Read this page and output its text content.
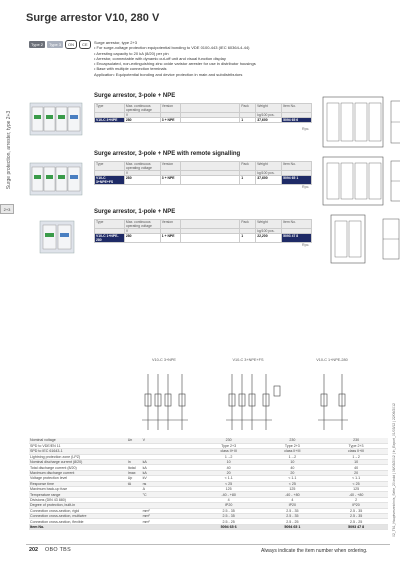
Surge arrestor V10, 280 V
Surge protection, arrester, type 2+3
2+3
Type 2	Type 3	ON	CE	Surge arrestor, type 2+3
• For surge-voltage protection equipotential bonding to VDE 0100-443 (IEC 60364-4-44)
• Arresting capacity to 20 kA (8/20) per pin
• Arrestor, connectable with dynamic cut-off unit and visual function display
• Encapsulated, non-extinguishing zinc oxide varistor arrester for use in distributor housings
• Base with multiple connection terminals
Application: Equipotential bonding and device protection in main and subdistributors
Surge arrestor, 3-pole + NPE
Type	Max. continuous operating voltage	Version		Pack	Weight	Item No.
	V				kg/100 pcs.	
V10-C 3+NPE	280	3 + NPE		1	37,600	5094 65 6
Rpc.
Surge arrestor, 3-pole + NPE with remote signalling
Type	Max. continuous operating voltage	Version		Pack	Weight	Item No.
	V				kg/100 pcs.	
V10-C 3+NPE+FS	280	3 + NPE		1	37,600	5094 65 1
Rpc.
Surge arrestor, 1-pole + NPE
Type	Max. continuous operating voltage	Version		Pack	Weight	Item No.
	V				kg/100 pcs.	
V10-C 1+NPE-280	280	1 + NPE		1	22,200	5093 47 8
Rpc.
V10-C 3+NPE	V10-C 3+NPE+FS	V10-C 1+NPE-280
Nominal voltage	Un	V		230	230	230
SPD to VDE/EN 11				Type 2+3	Type 2+3	Type 2+3
SPD to IEC 61643-1				class II+III	class II+III	class II+III
Lightning protection zone (LPZ)				1→2	1→2	1→2
Nominal discharge current (8/20)	In	kA		10	10	10
Total discharge current (8/20)	Itotal	kA		40	40	40
Maximum discharge current	Imax	kA		20	20	20
Voltage protection level	Up	kV		< 1.1	< 1.1	< 1.1
Response time	tA	ns		< 25	< 25	< 25
Maximum back-up fuse		A		125	125	125
Temperature range		°C		-40 - +80	-40 - +80	-40 - +80
Divisions (DIN 43 880)				4	4	2
Degree of protection, built-in				IP20	IP20	IP20
Connection cross-section, rigid		mm²		2.5 - 35	2.5 - 35	2.5 - 35
Connection cross-section, multiwire		mm²		2.5 - 35	2.5 - 35	2.5 - 35
Connection cross-section, flexible		mm²		2.5 - 25	2.5 - 25	2.5 - 25
Item No.				5094 65 6	5094 65 1	5093 47 8	02_T61_Hauptverzeichnis_Seite_20.indd | 06/03/2012 | In_Export_01/03/12 | 22/06/2012
202 OBO TBS	Always indicate the item number when ordering.
